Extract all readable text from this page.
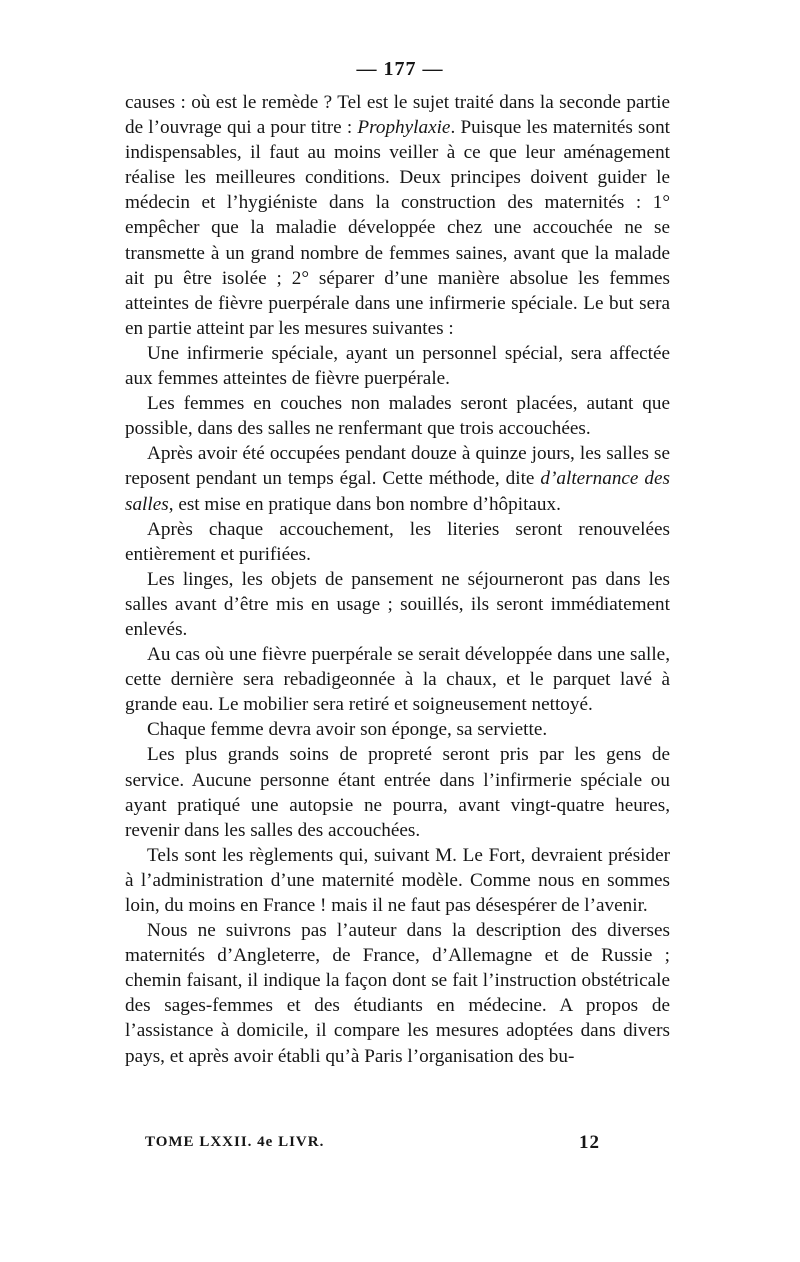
— 177 —

causes : où est le remède ? Tel est le sujet traité dans la seconde partie de l’ouvrage qui a pour titre : Prophylaxie. Puisque les maternités sont indispensables, il faut au moins veiller à ce que leur aménagement réalise les meilleures conditions. Deux principes doivent guider le médecin et l’hygiéniste dans la construction des maternités : 1° empêcher que la maladie développée chez une accouchée ne se transmette à un grand nombre de femmes saines, avant que la malade ait pu être isolée ; 2° séparer d’une manière absolue les femmes atteintes de fièvre puerpérale dans une infirmerie spéciale. Le but sera en partie atteint par les mesures suivantes :

Une infirmerie spéciale, ayant un personnel spécial, sera affectée aux femmes atteintes de fièvre puerpérale.

Les femmes en couches non malades seront placées, autant que possible, dans des salles ne renfermant que trois accouchées.

Après avoir été occupées pendant douze à quinze jours, les salles se reposent pendant un temps égal. Cette méthode, dite d’alternance des salles, est mise en pratique dans bon nombre d’hôpitaux.

Après chaque accouchement, les literies seront renouvelées entièrement et purifiées.

Les linges, les objets de pansement ne séjourneront pas dans les salles avant d’être mis en usage ; souillés, ils seront immédiatement enlevés.

Au cas où une fièvre puerpérale se serait développée dans une salle, cette dernière sera rebadigeonnée à la chaux, et le parquet lavé à grande eau. Le mobilier sera retiré et soigneusement nettoyé.

Chaque femme devra avoir son éponge, sa serviette.

Les plus grands soins de propreté seront pris par les gens de service. Aucune personne étant entrée dans l’infirmerie spéciale ou ayant pratiqué une autopsie ne pourra, avant vingt-quatre heures, revenir dans les salles des accouchées.

Tels sont les règlements qui, suivant M. Le Fort, devraient présider à l’administration d’une maternité modèle. Comme nous en sommes loin, du moins en France ! mais il ne faut pas désespérer de l’avenir.

Nous ne suivrons pas l’auteur dans la description des diverses maternités d’Angleterre, de France, d’Allemagne et de Russie ; chemin faisant, il indique la façon dont se fait l’instruction obstétricale des sages-femmes et des étudiants en médecine. A propos de l’assistance à domicile, il compare les mesures adoptées dans divers pays, et après avoir établi qu’à Paris l’organisation des bu-

TOME LXXII. 4e LIVR.	12
